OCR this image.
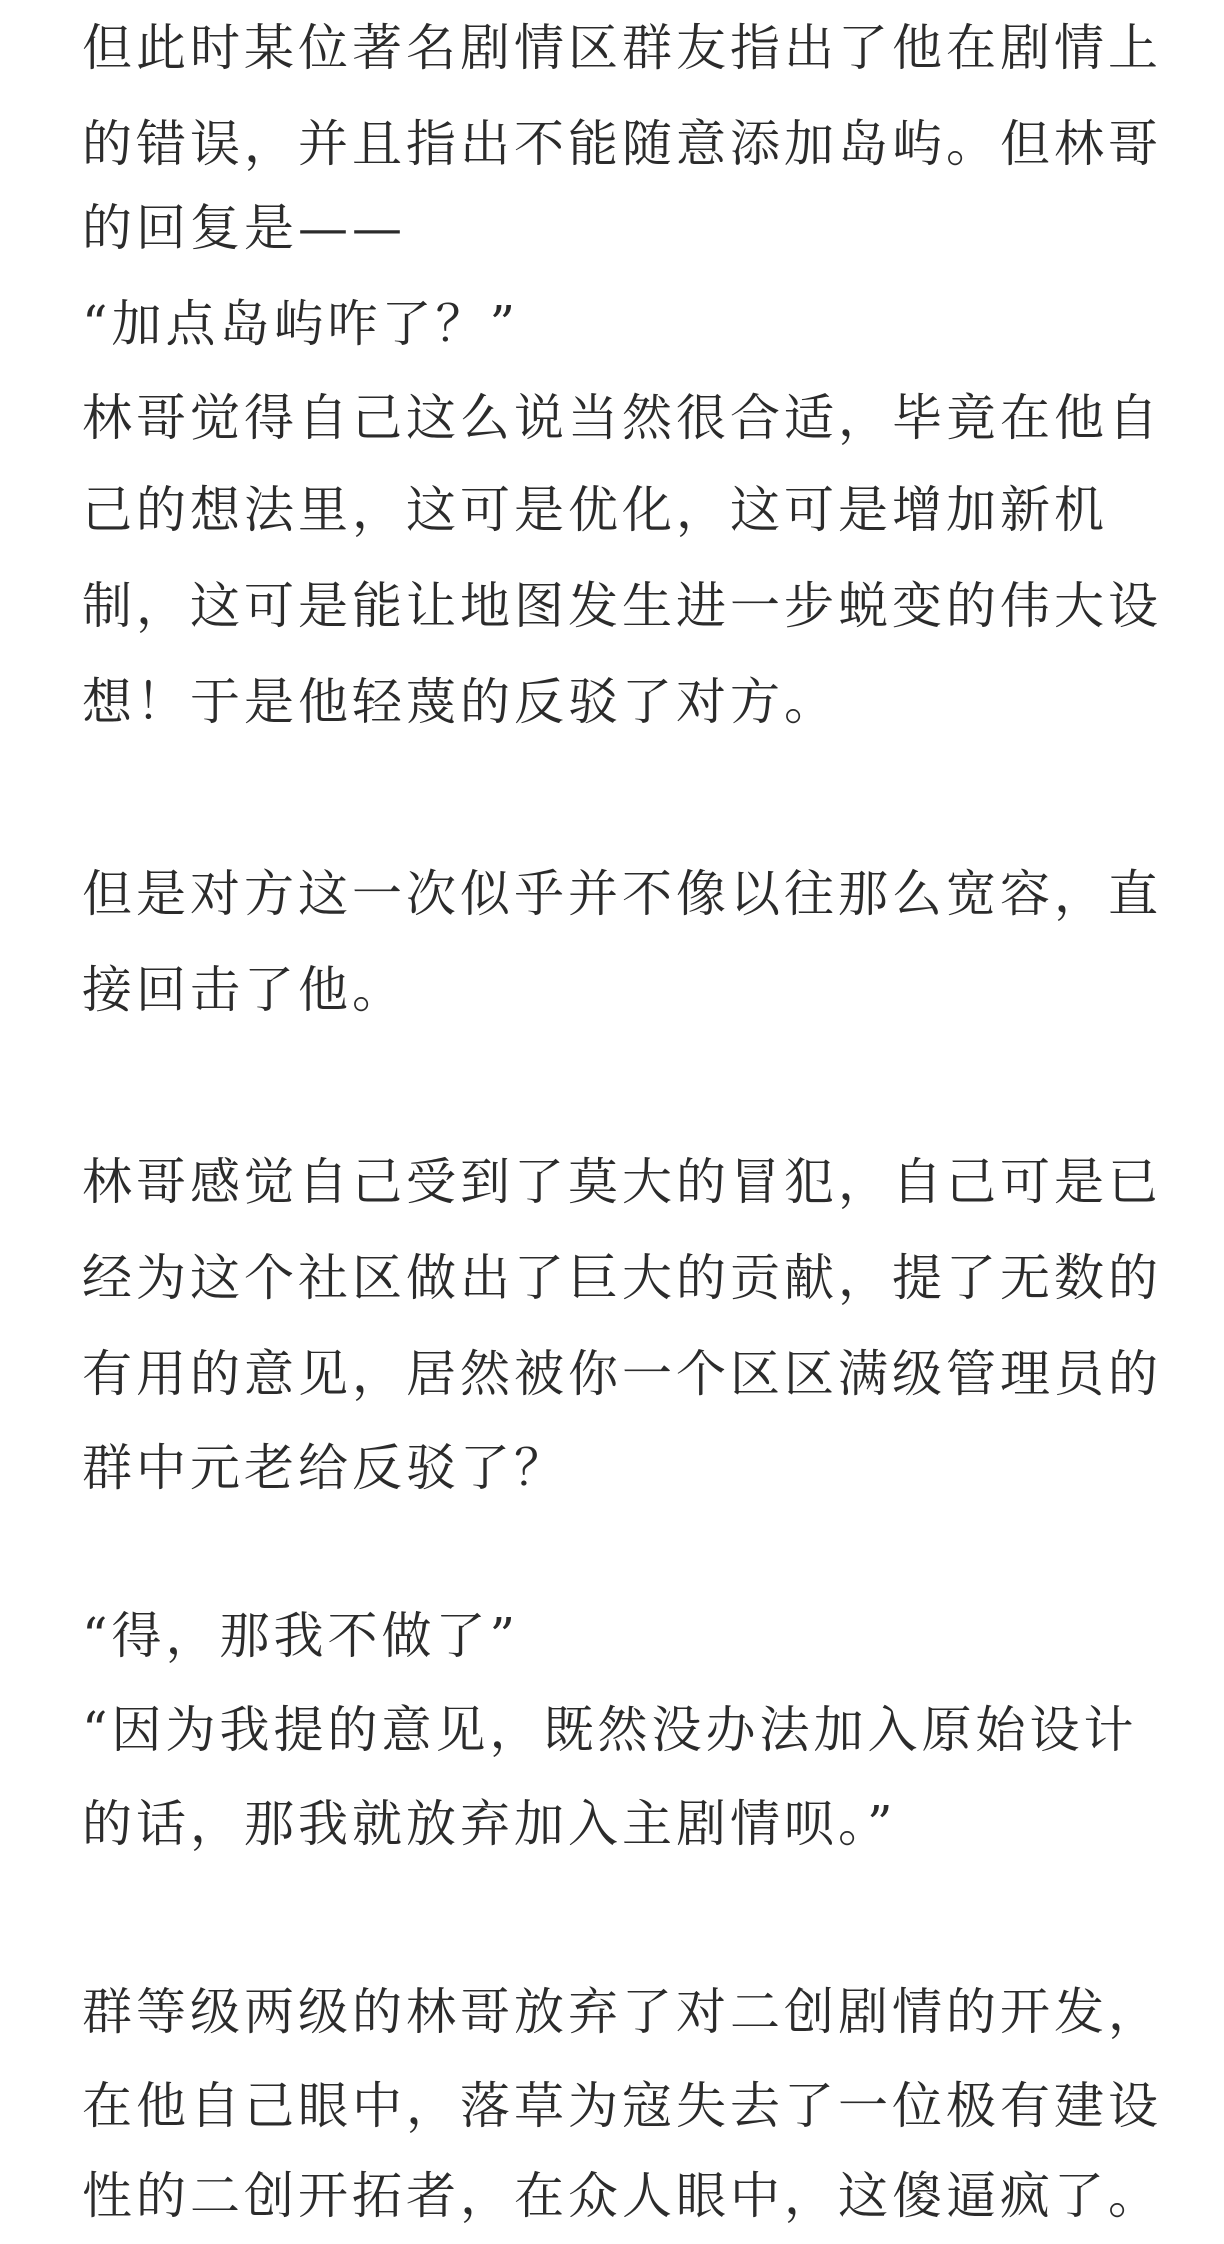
但此时某位著名剧情区群友指出了他在剧情上
的错误，并且指出不能随意添加岛屿。但林哥
的回复是——
“加点岛屿咋了？”
林哥觉得自己这么说当然很合适，毕竟在他自
己的想法里，这可是优化，这可是增加新机
制，这可是能让地图发生进一步蜕变的伟大设
想！于是他轻蔑的反驳了对方。
但是对方这一次似乎并不像以往那么宽容，直
接回击了他。
林哥感觉自己受到了莫大的冒犯，自己可是已
经为这个社区做出了巨大的贡献，提了无数的
有用的意见，居然被你一个区区满级管理员的
群中元老给反驳了？
“得，那我不做了”
“因为我提的意见，既然没办法加入原始设计
的话，那我就放弃加入主剧情呗。”
群等级两级的林哥放弃了对二创剧情的开发，
在他自己眼中，落草为寇失去了一位极有建设
性的二创开拓者，在众人眼中，这傻逼疯了。
